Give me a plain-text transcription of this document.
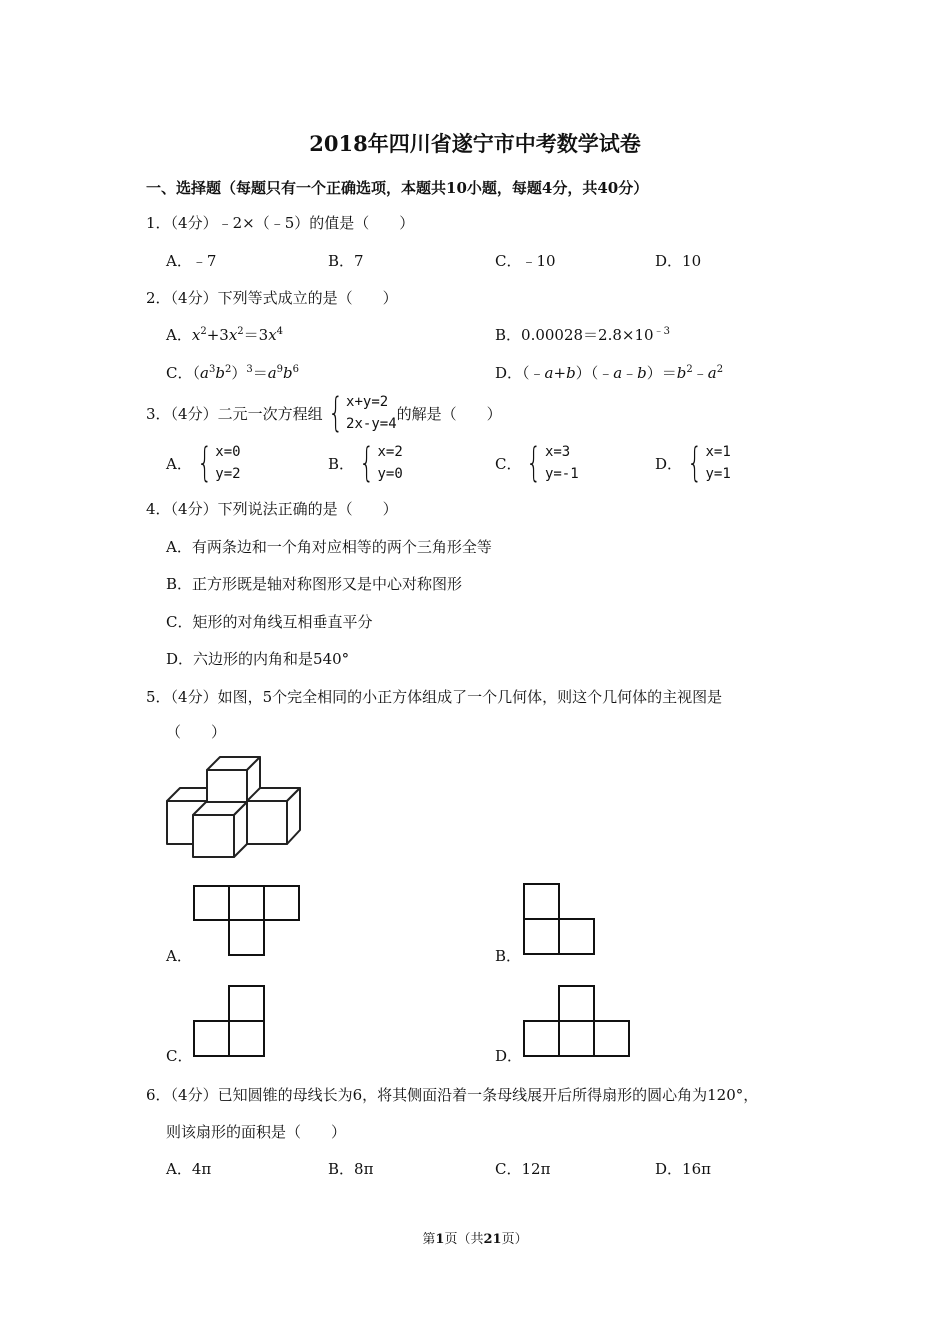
2018年四川省遂宁市中考数学试卷
一、选择题（每题只有一个正确选项，本题共10小题，每题4分，共40分）
1．（4分）﹣2×（﹣5）的值是（　　）
A．﹣7	B．7	C．﹣10	D．10
2．（4分）下列等式成立的是（　　）
A．$x^2+3x^2=3x^4$	B．$0.00028=2.8\times 10^{﹣3}$
C．$(a^3b^2)^3=a^9b^6$	D．$(﹣a+b)(﹣a﹣b)=b^2﹣a^2$
3．（4分）二元一次方程组 { x+y=2
2x-y=4
的解是（　　）
A． { x=0
y=2
B． { x=2
y=0
C． { x=3
y=-1
D． { x=1
y=1
4．（4分）下列说法正确的是（　　）
A．有两条边和一个角对应相等的两个三角形全等
B．正方形既是轴对称图形又是中心对称图形
C．矩形的对角线互相垂直平分
D．六边形的内角和是540°
5．（4分）如图，5个完全相同的小正方体组成了一个几何体，则这个几何体的主视图是
（　　）
A．	B．
C．	D．
6．（4分）已知圆锥的母线长为6，将其侧面沿着一条母线展开后所得扇形的圆心角为120°，
则该扇形的面积是（　　）
A．4π	B．8π	C．12π	D．16π
第1页（共21页）
